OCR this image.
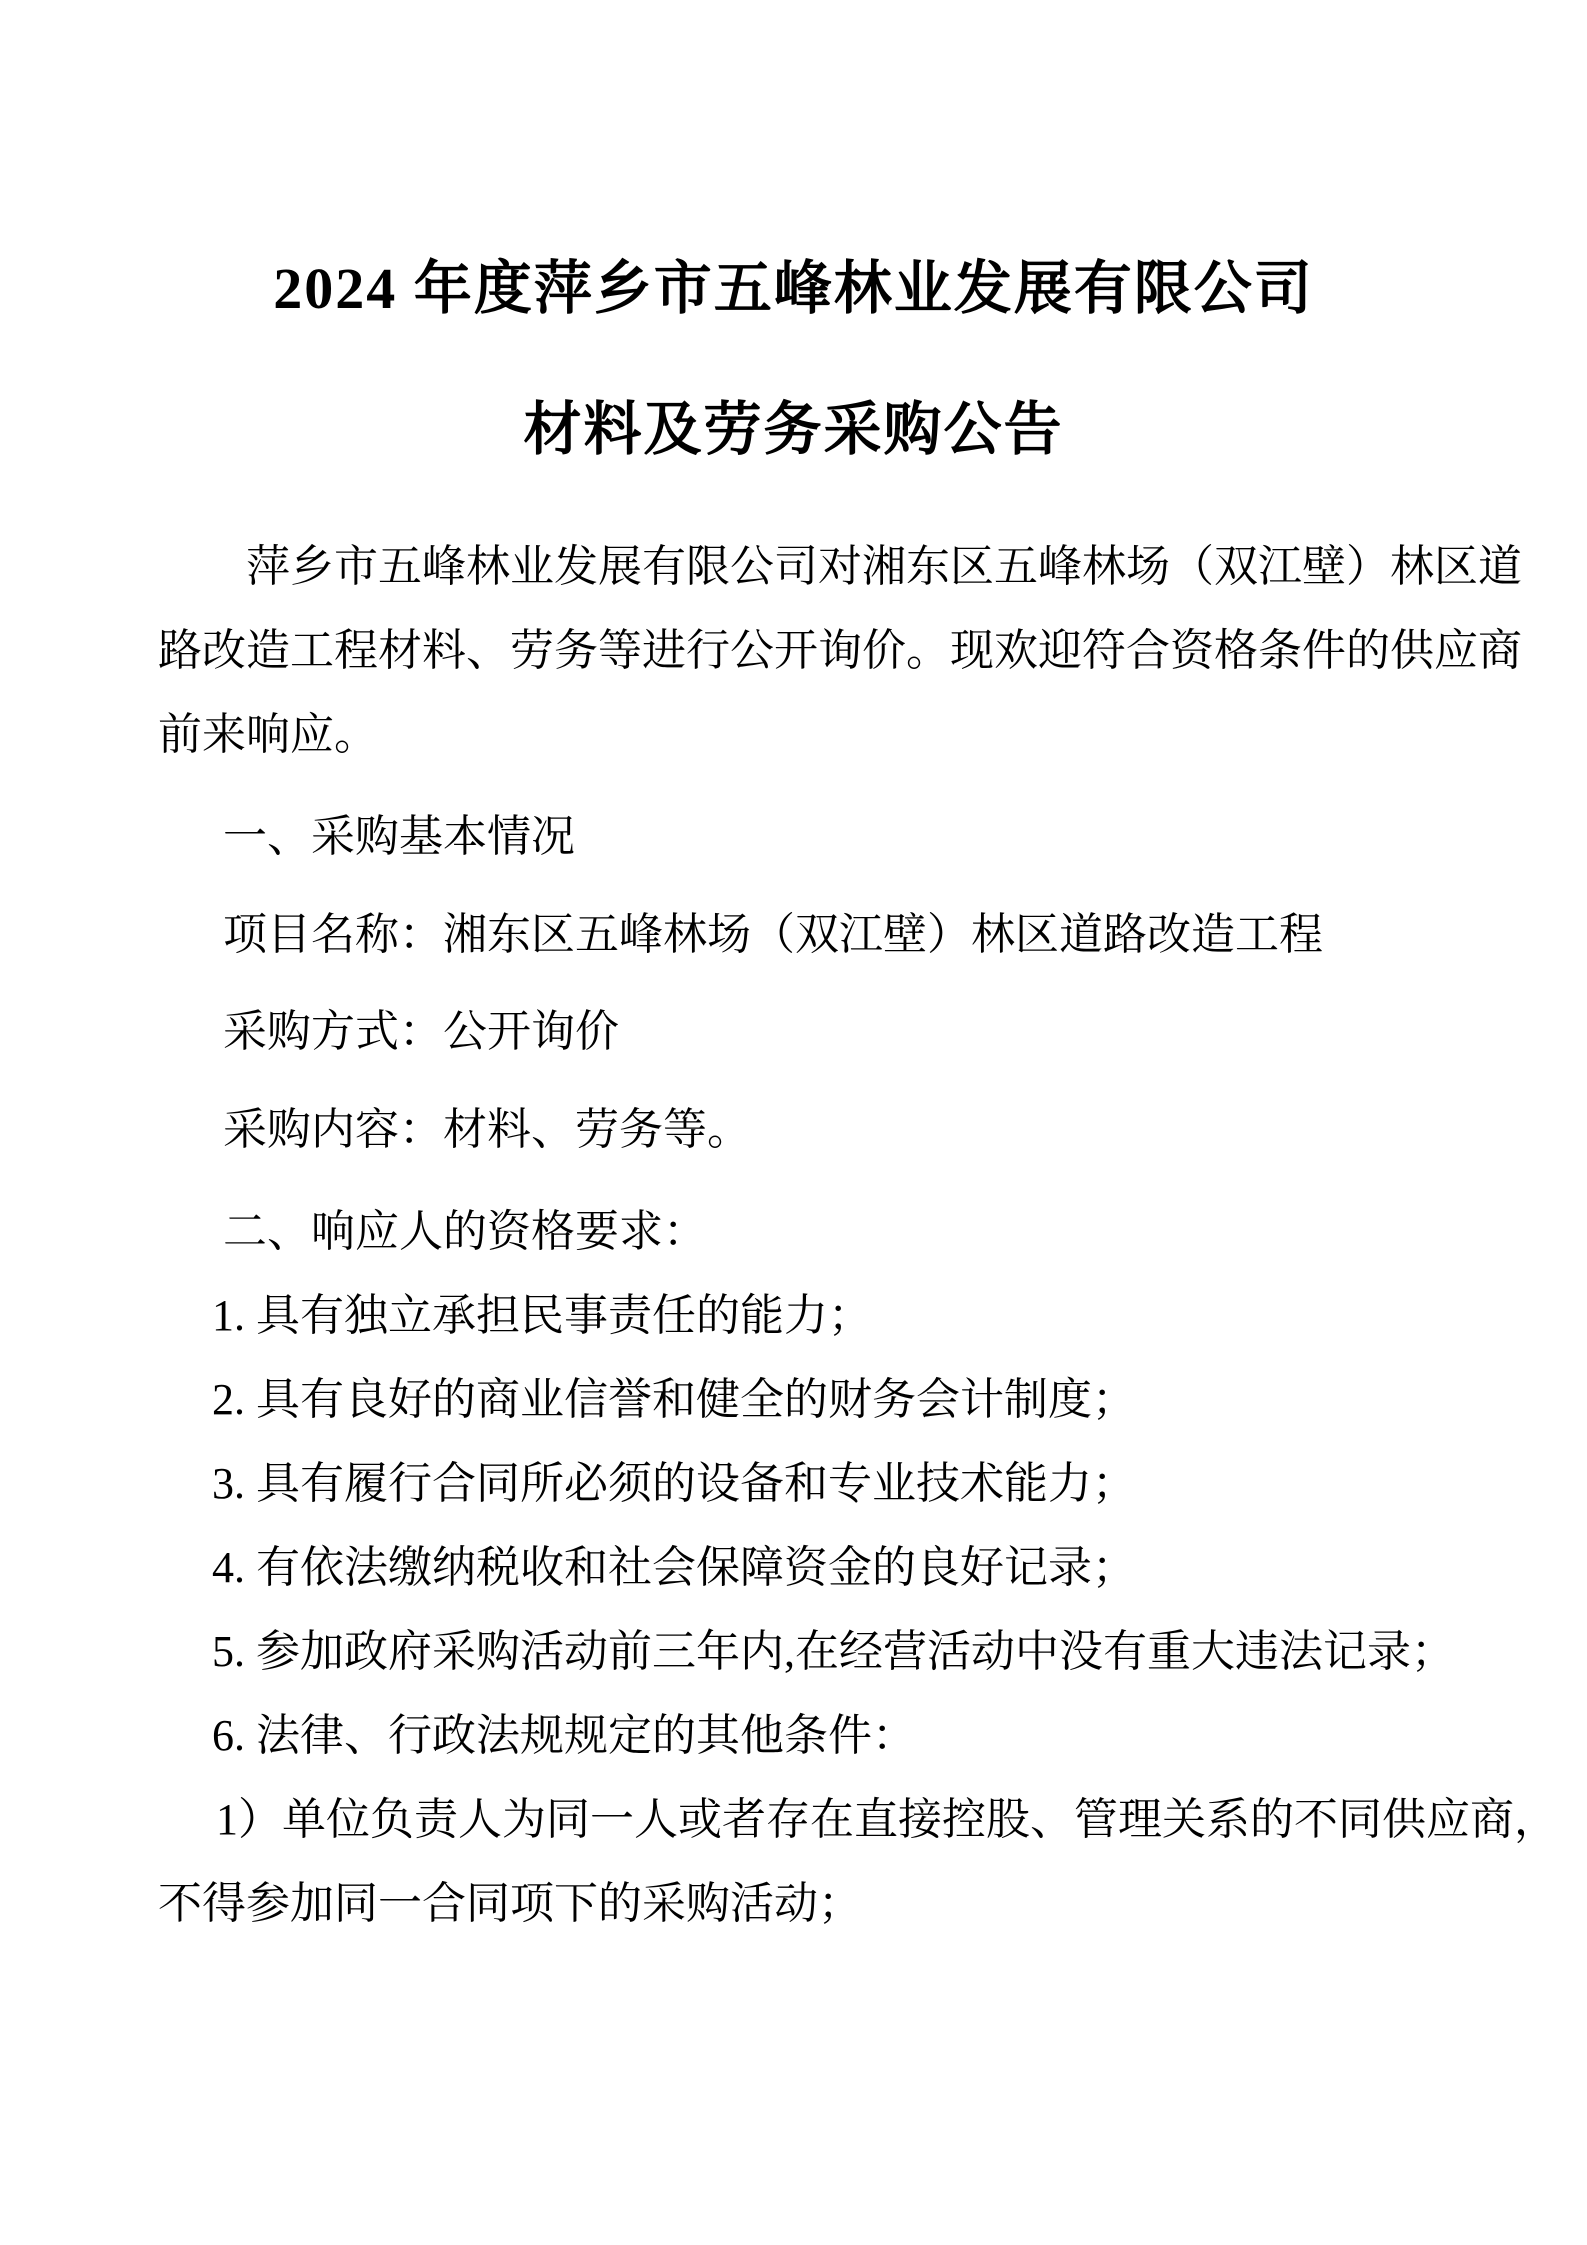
2024 年度萍乡市五峰林业发展有限公司
材料及劳务采购公告
萍乡市五峰林业发展有限公司对湘东区五峰林场（双江壁）林区道
路改造工程材料、劳务等进行公开询价。现欢迎符合资格条件的供应商
前来响应。
一、采购基本情况
项目名称：湘东区五峰林场（双江壁）林区道路改造工程
采购方式：公开询价
采购内容：材料、劳务等。
二、响应人的资格要求：
1. 具有独立承担民事责任的能力；
2. 具有良好的商业信誉和健全的财务会计制度；
3. 具有履行合同所必须的设备和专业技术能力；
4. 有依法缴纳税收和社会保障资金的良好记录；
5. 参加政府采购活动前三年内,在经营活动中没有重大违法记录；
6. 法律、行政法规规定的其他条件：
1）单位负责人为同一人或者存在直接控股、管理关系的不同供应商，
不得参加同一合同项下的采购活动；
